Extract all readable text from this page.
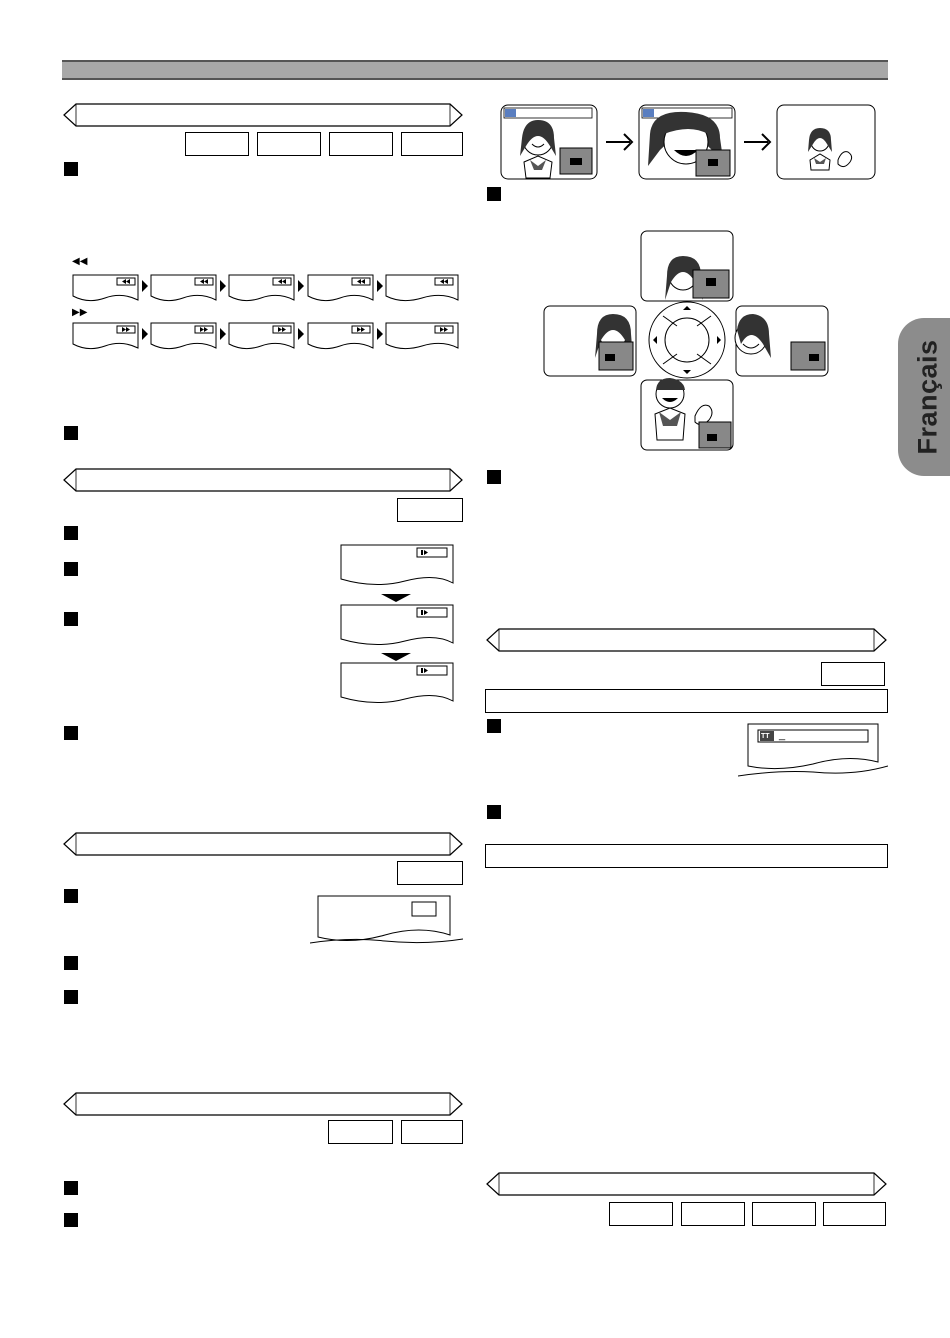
Français
◀◀
▶▶
TT _
